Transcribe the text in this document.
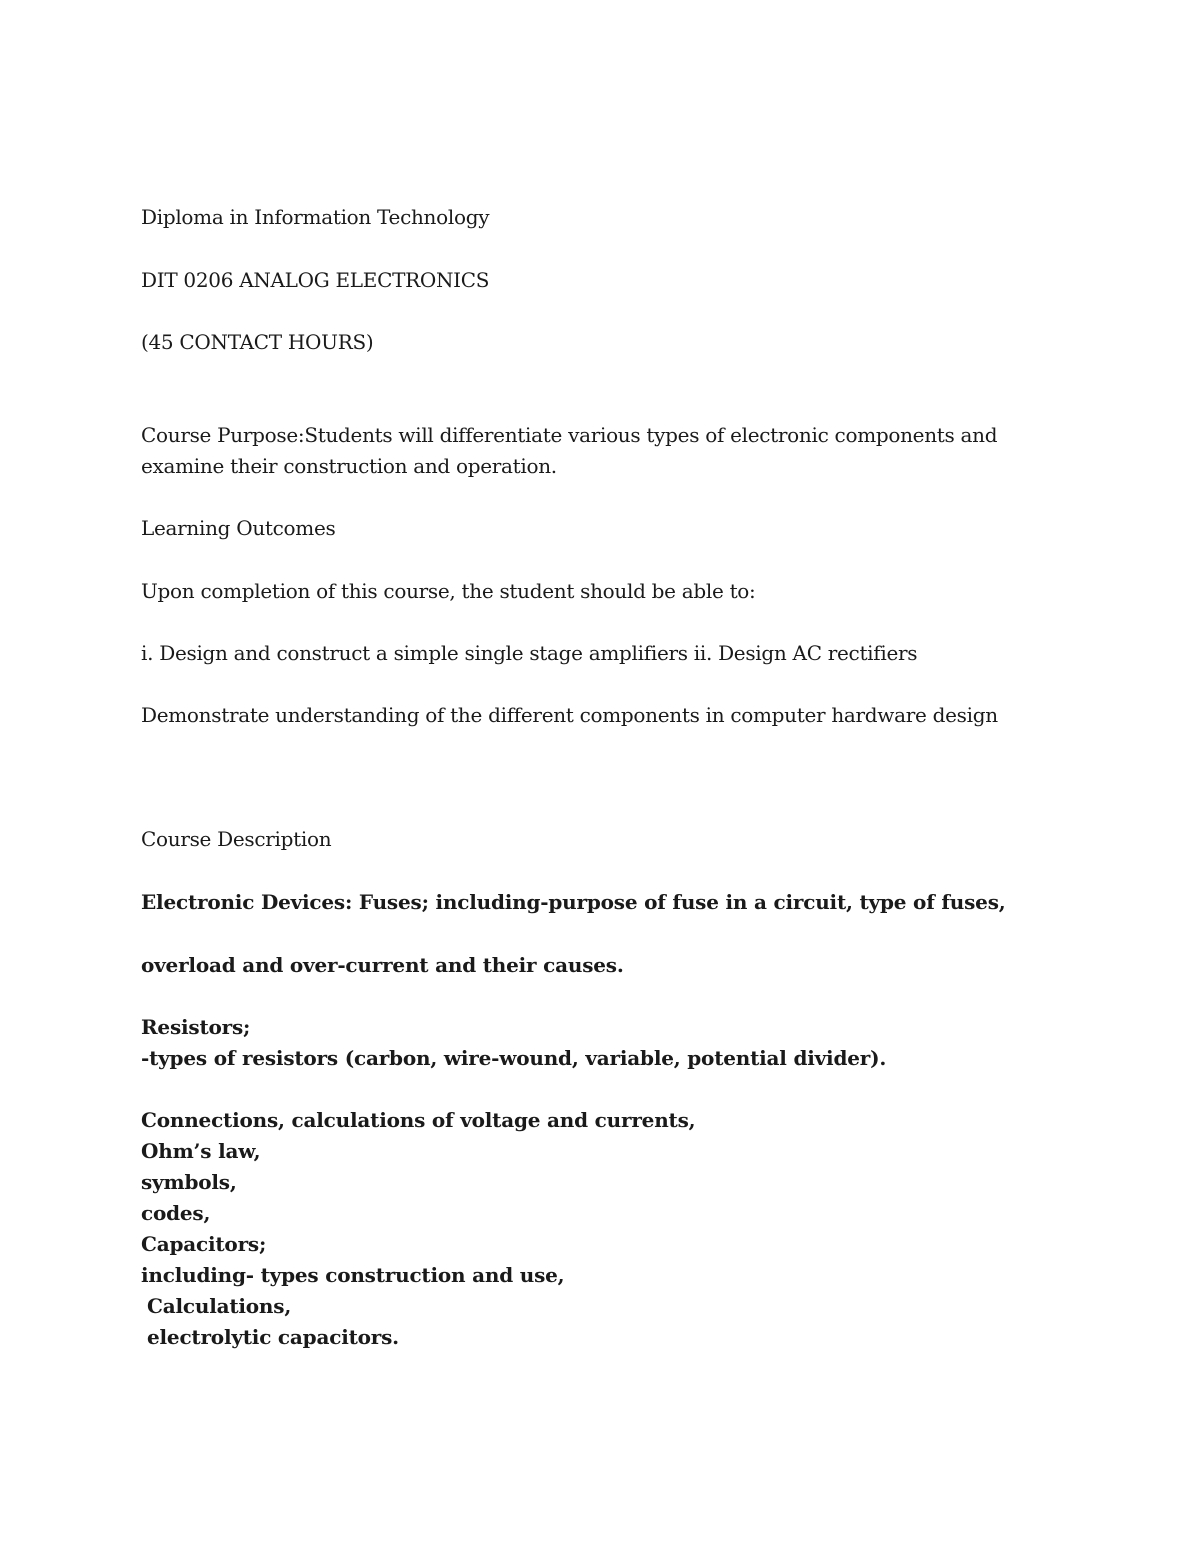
Diploma in Information Technology
DIT 0206 ANALOG ELECTRONICS
(45 CONTACT HOURS)
Course Purpose:Students will differentiate various types of electronic components and examine their construction and operation.
Learning Outcomes
Upon completion of this course, the student should be able to:
i. Design and construct a simple single stage amplifiers ii. Design AC rectifiers
Demonstrate understanding of the different components in computer hardware design
Course Description
Electronic Devices: Fuses; including-purpose of fuse in a circuit, type of fuses,
overload and over-current and their causes.
Resistors;
-types of resistors (carbon, wire-wound, variable, potential divider).
Connections, calculations of voltage and currents,
Ohm’s law,
symbols,
codes,
Capacitors;
including- types construction and use,
Calculations,
electrolytic capacitors.
